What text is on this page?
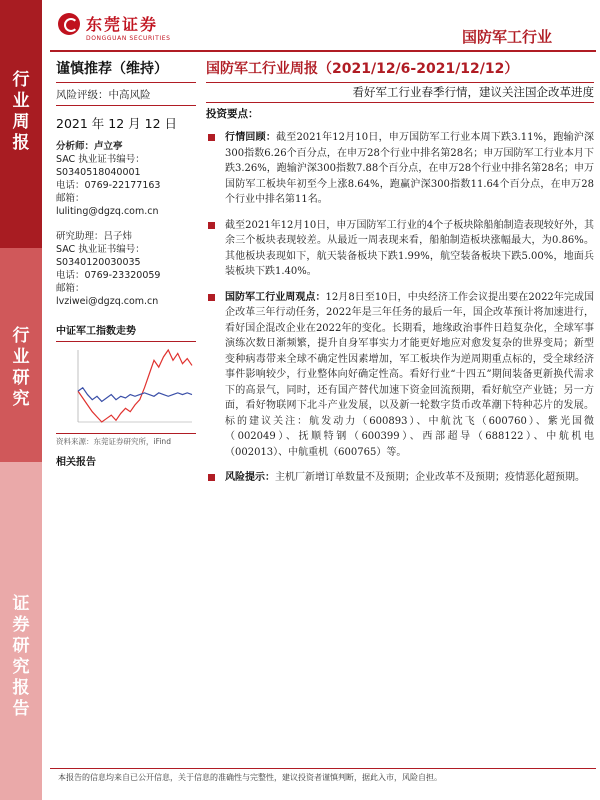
行业周报
行业研究
证券研究报告
东莞证券
DONGGUAN SECURITIES	国防军工行业
谨慎推荐（维持）
风险评级：中高风险
2021 年 12 月 12 日
分析师：卢立亭
SAC 执业证书编号：
S0340518040001
电话：0769-22177163
邮箱：
luliting@dgzq.com.cn
研究助理：吕子炜
SAC 执业证书编号：
S0340120030035
电话：0769-23320059
邮箱：
lvziwei@dgzq.com.cn
中证军工指数走势
资料来源：东莞证券研究所，iFind
相关报告
国防军工行业周报（2021/12/6-2021/12/12）
看好军工行业春季行情，建议关注国企改革进度
投资要点：
行情回顾：截至2021年12月10日，申万国防军工行业本周下跌3.11%，跑输沪深300指数6.26个百分点，在申万28个行业中排名第28名；申万国防军工行业本月下跌3.26%，跑输沪深300指数7.88个百分点，在申万28个行业中排名第28名；申万国防军工板块年初至今上涨8.64%，跑赢沪深300指数11.64个百分点，在申万28个行业中排名第11名。
截至2021年12月10日，申万国防军工行业的4个子板块除船舶制造表现较好外，其余三个板块表现较差。从最近一周表现来看，船舶制造板块涨幅最大，为0.86%。其他板块表现如下，航天装备板块下跌1.99%，航空装备板块下跌5.00%，地面兵装板块下跌1.40%。
国防军工行业周观点：12月8日至10日，中央经济工作会议提出要在2022年完成国企改革三年行动任务，2022年是三年任务的最后一年，国企改革预计将加速进行，看好国企混改企业在2022年的变化。长期看，地缘政治事件日趋复杂化，全球军事演练次数日渐频繁，提升自身军事实力才能更好地应对愈发复杂的世界变局；新型变种病毒带来全球不确定性因素增加，军工板块作为逆周期重点标的，受全球经济事件影响较少，行业整体向好确定性高。看好行业“十四五”期间装备更新换代需求下的高景气，同时，还有国产替代加速下资金回流预期，看好航空产业链；另一方面，看好物联网下北斗产业发展，以及新一轮数字货币改革潮下特种芯片的发展。标的建议关注：航发动力（600893）、中航沈飞（600760）、紫光国微（002049）、抚顺特钢（600399）、西部超导（688122）、中航机电（002013）、中航重机（600765）等。
风险提示：主机厂新增订单数量不及预期；企业改革不及预期；疫情恶化超预期。
本报告的信息均来自已公开信息，关于信息的准确性与完整性，建议投资者谨慎判断，据此入市，风险自担。
